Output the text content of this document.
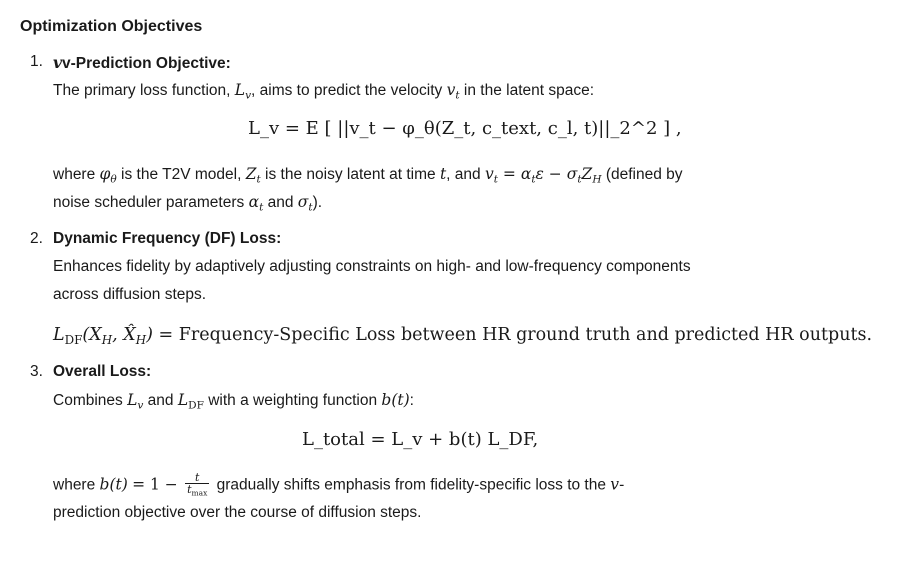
Optimization Objectives
1. vv-Prediction Objective:
The primary loss function, $L_v$, aims to predict the velocity $v_t$ in the latent space:
L_v = E [ ||v_t − φ_θ(Z_t, c_text, c_l, t)||_2^2 ] ,
where $\varphi_\theta$ is the T2V model, $Z_t$ is the noisy latent at time t, and $v_t = \alpha_t\varepsilon - \sigma_tZ_H$ (defined by
noise scheduler parameters $\alpha_t$ and $\sigma_t$).
2. Dynamic Frequency (DF) Loss:
Enhances fidelity by adaptively adjusting constraints on high- and low-frequency components
across diffusion steps.
$L_{DF}(X_H$, $X̂_H$) = Frequency-Specific Loss between HR ground truth and predicted HR outputs.
3. Overall Loss:
Combines $L_v$ and $L_{DF}$ with a weighting function b(t):
L_total = L_v + b(t) L_DF,
where $b(t) = 1 - \frac{t}{t_{max}}$ gradually shifts emphasis from fidelity-specific loss to the v-
prediction objective over the course of diffusion steps.
